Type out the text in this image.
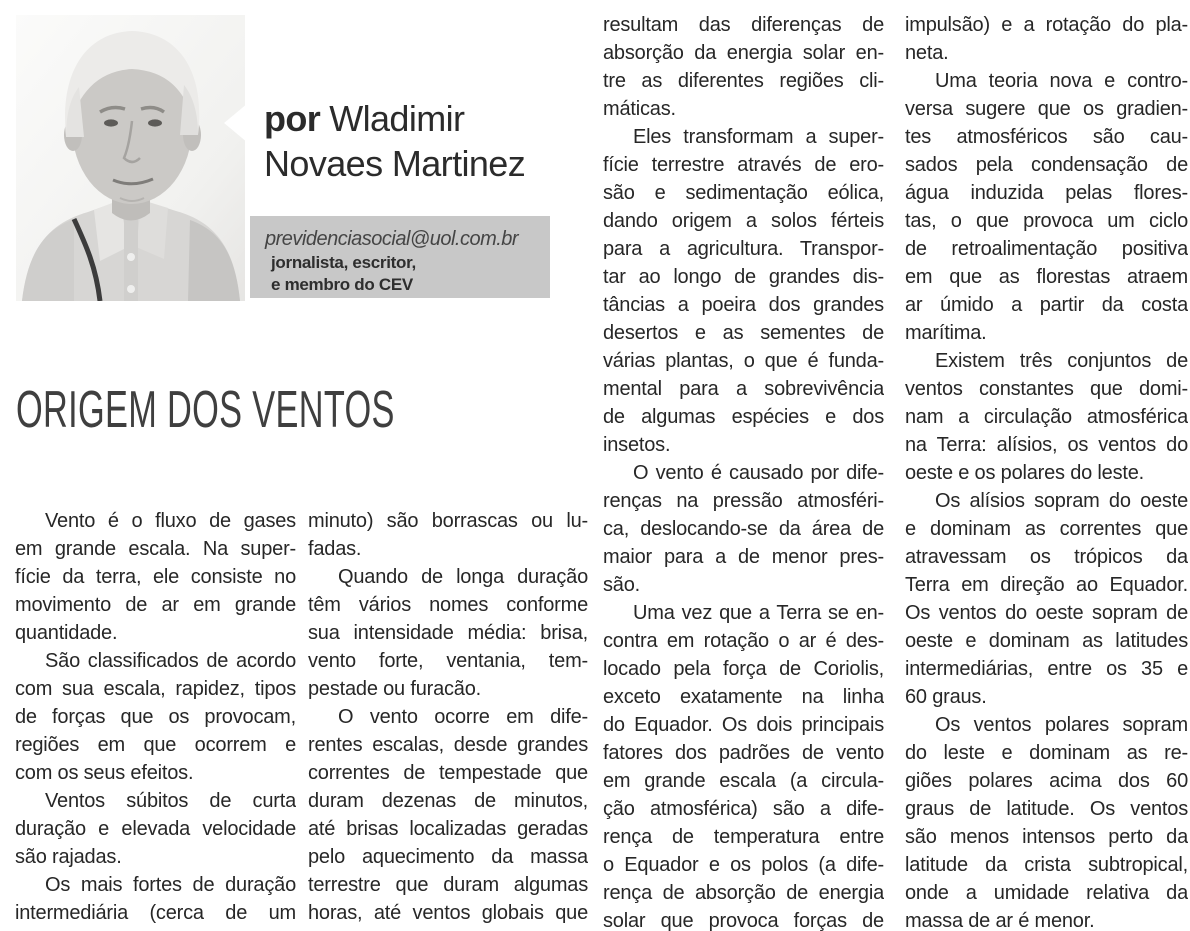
por Wladimir
Novaes Martinez
previdenciasocial@uol.com.br
jornalista, escritor,
e membro do CEV
ORIGEM DOS VENTOS
Vento é o fluxo de gases
em grande escala. Na super-
fície da terra, ele consiste no
movimento de ar em grande
quantidade.
São classificados de acordo
com sua escala, rapidez, tipos
de forças que os provocam,
regiões em que ocorrem e
com os seus efeitos.
Ventos súbitos de curta
duração e elevada velocidade
são rajadas.
Os mais fortes de duração
intermediária (cerca de um
minuto) são borrascas ou lu-
fadas.
Quando de longa duração
têm vários nomes conforme
sua intensidade média: brisa,
vento forte, ventania, tem-
pestade ou furacão.
O vento ocorre em dife-
rentes escalas, desde grandes
correntes de tempestade que
duram dezenas de minutos,
até brisas localizadas geradas
pelo aquecimento da massa
terrestre que duram algumas
horas, até ventos globais que
resultam das diferenças de
absorção da energia solar en-
tre as diferentes regiões cli-
máticas.
Eles transformam a super-
fície terrestre através de ero-
são e sedimentação eólica,
dando origem a solos férteis
para a agricultura. Transpor-
tar ao longo de grandes dis-
tâncias a poeira dos grandes
desertos e as sementes de
várias plantas, o que é funda-
mental para a sobrevivência
de algumas espécies e dos
insetos.
O vento é causado por dife-
renças na pressão atmosféri-
ca, deslocando-se da área de
maior para a de menor pres-
são.
Uma vez que a Terra se en-
contra em rotação o ar é des-
locado pela força de Coriolis,
exceto exatamente na linha
do Equador. Os dois principais
fatores dos padrões de vento
em grande escala (a circula-
ção atmosférica) são a dife-
rença de temperatura entre
o Equador e os polos (a dife-
rença de absorção de energia
solar que provoca forças de
impulsão) e a rotação do pla-
neta.
Uma teoria nova e contro-
versa sugere que os gradien-
tes atmosféricos são cau-
sados pela condensação de
água induzida pelas flores-
tas, o que provoca um ciclo
de retroalimentação positiva
em que as florestas atraem
ar úmido a partir da costa
marítima.
Existem três conjuntos de
ventos constantes que domi-
nam a circulação atmosférica
na Terra: alísios, os ventos do
oeste e os polares do leste.
Os alísios sopram do oeste
e dominam as correntes que
atravessam os trópicos da
Terra em direção ao Equador.
Os ventos do oeste sopram de
oeste e dominam as latitudes
intermediárias, entre os 35 e
60 graus.
Os ventos polares sopram
do leste e dominam as re-
giões polares acima dos 60
graus de latitude. Os ventos
são menos intensos perto da
latitude da crista subtropical,
onde a umidade relativa da
massa de ar é menor.
